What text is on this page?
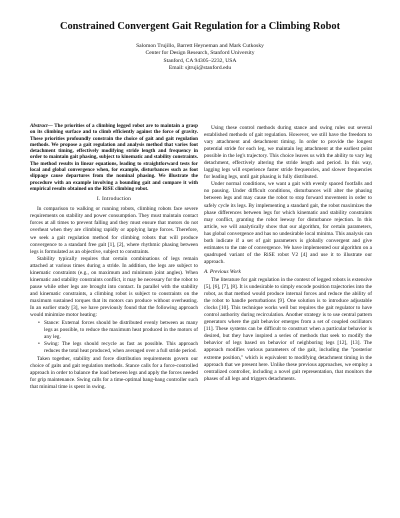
Constrained Convergent Gait Regulation for a Climbing Robot
Salomon Trujillo, Barrett Heyneman and Mark Cutkosky
Center for Design Research, Stanford University
Stanford, CA 94305–2232, USA
Email: sjtruji@stanford.edu

Abstract— The priorities of a climbing legged robot are to maintain a grasp on its climbing surface and to climb efficiently against the force of gravity. These priorities profoundly constrain the choice of gait and gait regulation methods. We propose a gait regulation and analysis method that varies foot detachment timing, effectively modifying stride length and frequency in order to maintain gait phasing, subject to kinematic and stability constraints. The method results in linear equations, leading to straightforward tests for local and global convergence when, for example, disturbances such as foot slippage cause departures from the nominal phasing. We illustrate the procedure with an example involving a bounding gait and compare it with empirical results obtained on the RiSE climbing robot.

I. Introduction

In comparison to walking or running robots, climbing robots face severe requirements on stability and power consumption. They must maintain contact forces at all times to prevent falling and they must ensure that motors do not overheat when they are climbing rapidly or applying large forces. Therefore, we seek a gait regulation method for climbing robots that will produce convergence to a standard free gait [1], [2], where rhythmic phasing between legs is formulated as an objective, subject to constraints.

Stability typically requires that certain combinations of legs remain attached at various times during a stride. In addition, the legs are subject to kinematic constraints (e.g., on maximum and minimum joint angles). When kinematic and stability constraints conflict, it may be necessary for the robot to pause while other legs are brought into contact. In parallel with the stability and kinematic constraints, a climbing robot is subject to constraints on the maximum sustained torques that its motors can produce without overheating. In an earlier study [3], we have previously found that the following approach would minimize motor heating:

• Stance: External forces should be distributed evenly between as many legs as possible, to reduce the maximum heat produced in the motors of any leg.
• Swing: The legs should recycle as fast as possible. This approach reduces the total heat produced, when averaged over a full stride period.

Taken together, stability and force distribution requirements govern our choice of gaits and gait regulation methods. Stance calls for a force-controlled approach in order to balance the load between legs and apply the forces needed for grip maintenance. Swing calls for a time-optimal bang-bang controller such that minimal time is spent in swing.

Using these control methods during stance and swing rules out several established methods of gait regulation. However, we still have the freedom to vary attachment and detachment timing. In order to provide the longest potential stride for each leg, we maintain leg attachment at the earliest point possible in the leg's trajectory. This choice leaves us with the ability to vary leg detachment, effectively altering the stride length and period. In this way, lagging legs will experience faster stride frequencies, and slower frequencies for leading legs, until gait phasing is fully distributed.

Under normal conditions, we want a gait with evenly spaced footfalls and no pausing. Under difficult conditions, disturbances will alter the phasing between legs and may cause the robot to stop forward movement in order to safely cycle its legs. By implementing a standard gait, the robot maximizes the phase differences between legs for which kinematic and stability constraints may conflict, granting the robot leeway for disturbance rejection. In this article, we will analytically show that our algorithm, for certain parameters, has global convergence and has no undesirable local minima. This analysis can both indicate if a set of gait parameters is globally convergent and give estimates to the rate of convergence. We have implemented our algorithm on a quadruped variant of the RiSE robot V2 [4] and use it to illustrate our approach.

A. Previous Work

The literature for gait regulation in the context of legged robots is extensive [5], [6], [7], [8]. It is undesirable to simply encode position trajectories into the robot, as that method would produce internal forces and reduce the ability of the robot to handle perturbations [9]. One solution is to introduce adjustable clocks [10]. This technique works well but requires the gait regulator to have control authority during recirculation. Another strategy is to use central pattern generators where the gait behavior emerges from a set of coupled oscillators [11]. These systems can be difficult to construct when a particular behavior is desired, but they have inspired a series of methods that seek to modify the behavior of legs based on behavior of neighboring legs [12], [13]. The approach modifies various parameters of the gait, including the "posterior extreme position," which is equivalent to modifying detachment timing in the approach that we present here. Unlike these previous approaches, we employ a centralized controller, including a novel gait representation, that monitors the phases of all legs and triggers detachments.
